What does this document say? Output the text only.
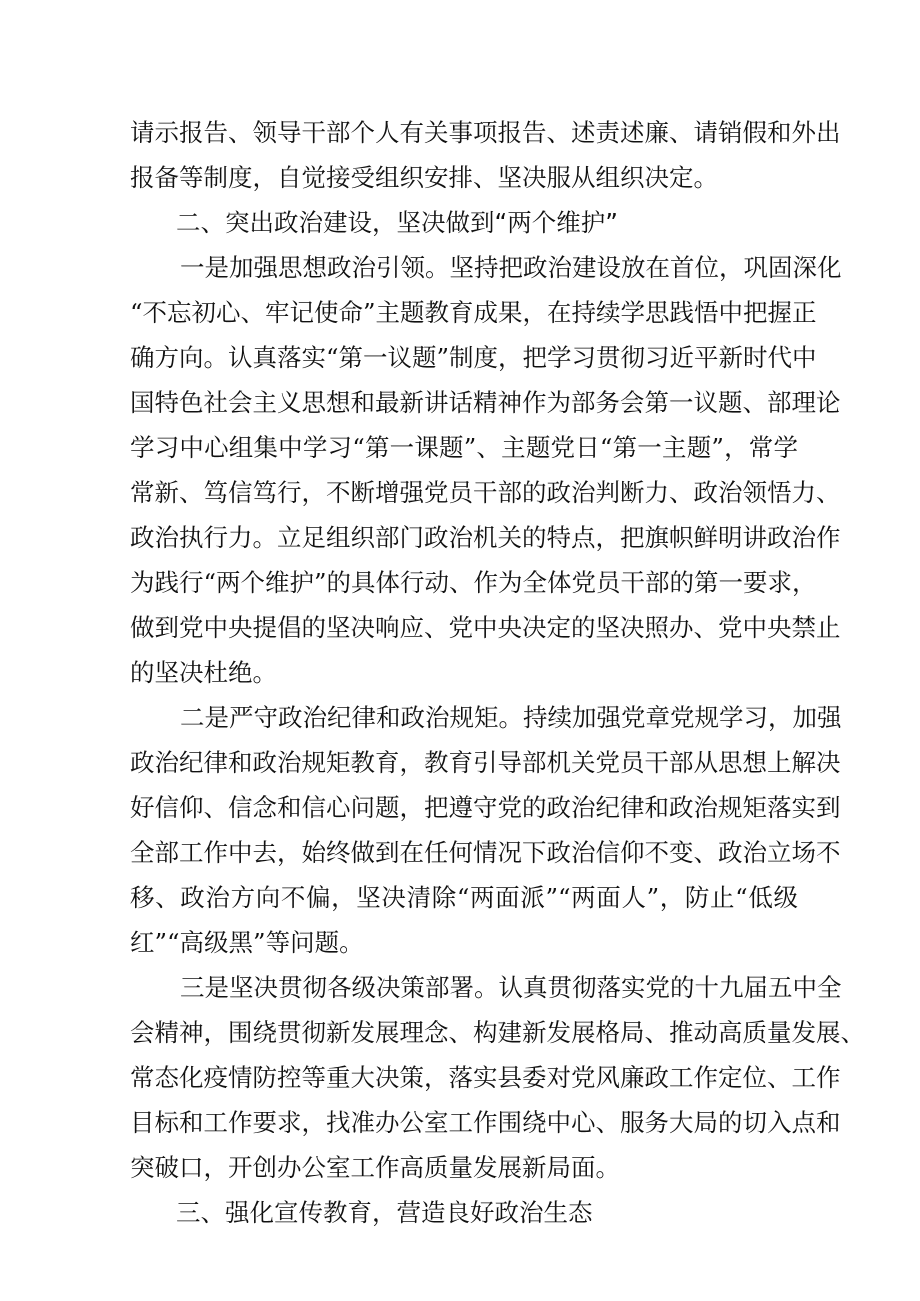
请示报告、领导干部个人有关事项报告、述责述廉、请销假和外出
报备等制度，自觉接受组织安排、坚决服从组织决定。
二、突出政治建设，坚决做到“两个维护”
一是加强思想政治引领。坚持把政治建设放在首位，巩固深化
“不忘初心、牢记使命”主题教育成果，在持续学思践悟中把握正
确方向。认真落实“第一议题”制度，把学习贯彻习近平新时代中
国特色社会主义思想和最新讲话精神作为部务会第一议题、部理论
学习中心组集中学习“第一课题”、主题党日“第一主题”，常学
常新、笃信笃行，不断增强党员干部的政治判断力、政治领悟力、
政治执行力。立足组织部门政治机关的特点，把旗帜鲜明讲政治作
为践行“两个维护”的具体行动、作为全体党员干部的第一要求，
做到党中央提倡的坚决响应、党中央决定的坚决照办、党中央禁止
的坚决杜绝。
二是严守政治纪律和政治规矩。持续加强党章党规学习，加强
政治纪律和政治规矩教育，教育引导部机关党员干部从思想上解决
好信仰、信念和信心问题，把遵守党的政治纪律和政治规矩落实到
全部工作中去，始终做到在任何情况下政治信仰不变、政治立场不
移、政治方向不偏，坚决清除“两面派”“两面人”，防止“低级
红”“高级黑”等问题。
三是坚决贯彻各级决策部署。认真贯彻落实党的十九届五中全
会精神，围绕贯彻新发展理念、构建新发展格局、推动高质量发展、
常态化疫情防控等重大决策，落实县委对党风廉政工作定位、工作
目标和工作要求，找准办公室工作围绕中心、服务大局的切入点和
突破口，开创办公室工作高质量发展新局面。
三、强化宣传教育，营造良好政治生态
